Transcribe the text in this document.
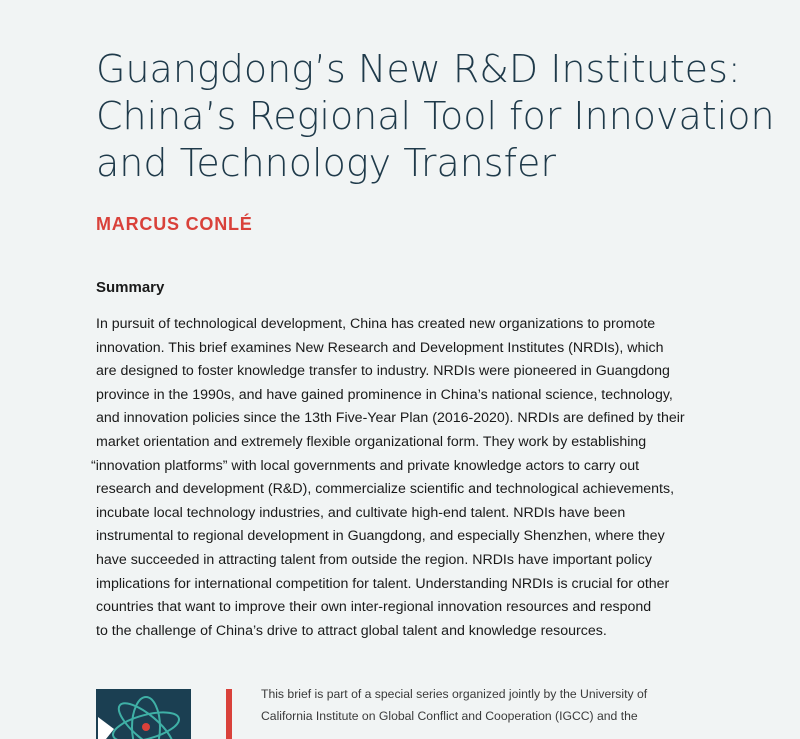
Guangdong’s New R&D Institutes:
China’s Regional Tool for Innovation
and Technology Transfer
MARCUS CONLÉ
Summary
In pursuit of technological development, China has created new organizations to promote
innovation. This brief examines New Research and Development Institutes (NRDIs), which
are designed to foster knowledge transfer to industry. NRDIs were pioneered in Guangdong
province in the 1990s, and have gained prominence in China’s national science, technology,
and innovation policies since the 13th Five-Year Plan (2016-2020). NRDIs are defined by their
market orientation and extremely flexible organizational form. They work by establishing
“innovation platforms” with local governments and private knowledge actors to carry out
research and development (R&D), commercialize scientific and technological achievements,
incubate local technology industries, and cultivate high-end talent. NRDIs have been
instrumental to regional development in Guangdong, and especially Shenzhen, where they
have succeeded in attracting talent from outside the region. NRDIs have important policy
implications for international competition for talent. Understanding NRDIs is crucial for other
countries that want to improve their own inter-regional innovation resources and respond
to the challenge of China’s drive to attract global talent and knowledge resources.
This brief is part of a special series organized jointly by the University of
California Institute on Global Conflict and Cooperation (IGCC) and the
